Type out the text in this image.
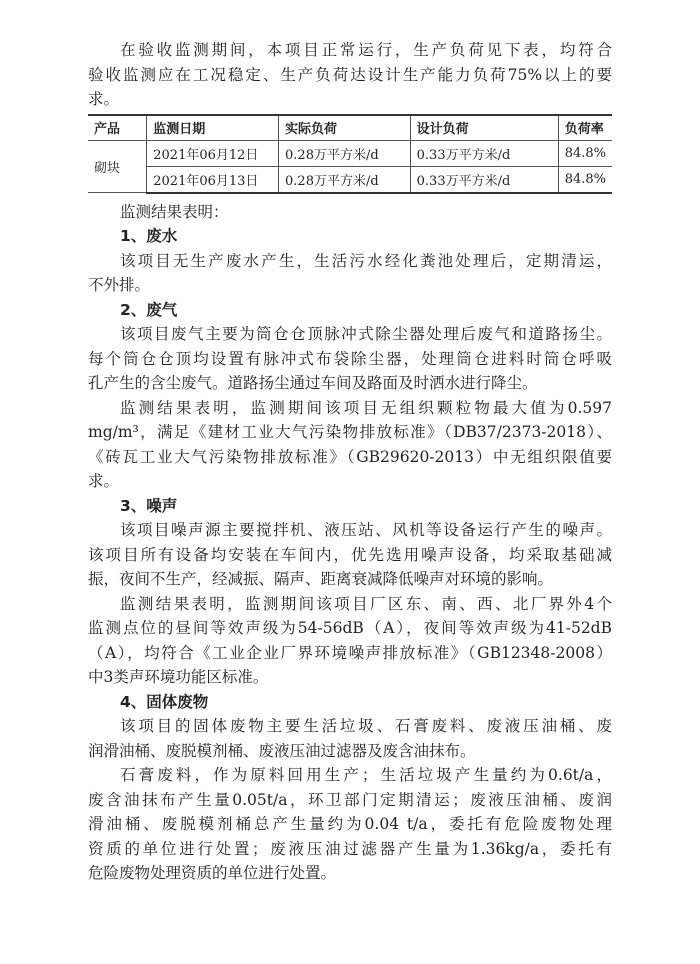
在验收监测期间，本项目正常运行，生产负荷见下表，均符合
验收监测应在工况稳定、生产负荷达设计生产能力负荷75%以上的要
求。
产品	监测日期	实际负荷	设计负荷	负荷率
砌块	2021年06月12日	0.28万平方米/d	0.33万平方米/d	84.8%
	2021年06月13日	0.28万平方米/d	0.33万平方米/d	84.8%
监测结果表明：
1、废水
该项目无生产废水产生，生活污水经化粪池处理后，定期清运，
不外排。
2、废气
该项目废气主要为筒仓仓顶脉冲式除尘器处理后废气和道路扬尘。
每个筒仓仓顶均设置有脉冲式布袋除尘器，处理筒仓进料时筒仓呼吸
孔产生的含尘废气。道路扬尘通过车间及路面及时洒水进行降尘。
监测结果表明，监测期间该项目无组织颗粒物最大值为0.597
mg/m³，满足《建材工业大气污染物排放标准》（DB37/2373-2018）、
《砖瓦工业大气污染物排放标准》（GB29620-2013）中无组织限值要
求。
3、噪声
该项目噪声源主要搅拌机、液压站、风机等设备运行产生的噪声。
该项目所有设备均安装在车间内，优先选用噪声设备，均采取基础减
振，夜间不生产，经减振、隔声、距离衰减降低噪声对环境的影响。
监测结果表明，监测期间该项目厂区东、南、西、北厂界外4个
监测点位的昼间等效声级为54-56dB（A），夜间等效声级为41-52dB
（A），均符合《工业企业厂界环境噪声排放标准》（GB12348-2008）
中3类声环境功能区标准。
4、固体废物
该项目的固体废物主要生活垃圾、石膏废料、废液压油桶、废
润滑油桶、废脱模剂桶、废液压油过滤器及废含油抹布。
石膏废料，作为原料回用生产；生活垃圾产生量约为0.6t/a，
废含油抹布产生量0.05t/a，环卫部门定期清运；废液压油桶、废润
滑油桶、废脱模剂桶总产生量约为0.04 t/a，委托有危险废物处理
资质的单位进行处置；废液压油过滤器产生量为1.36kg/a，委托有
危险废物处理资质的单位进行处置。
